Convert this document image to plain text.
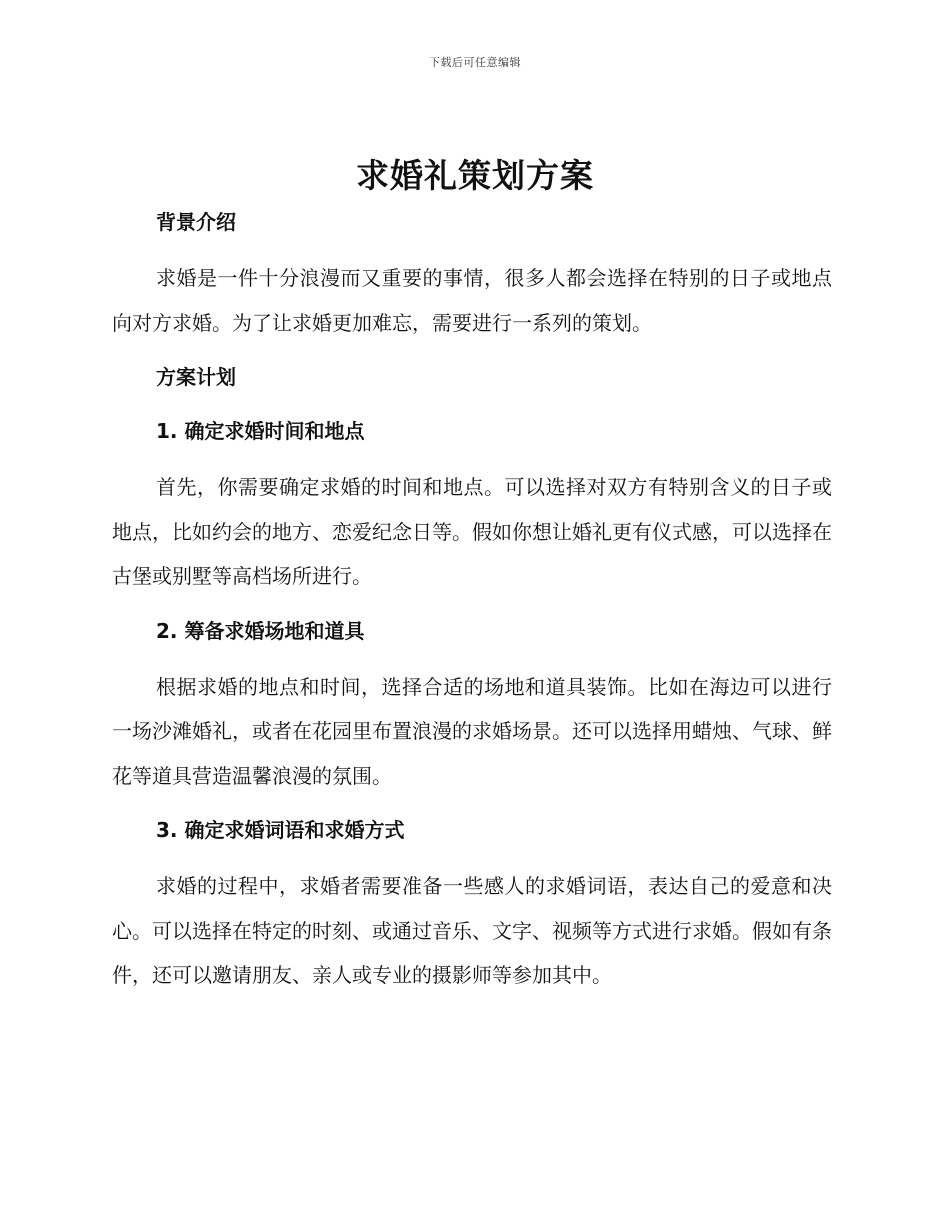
下载后可任意编辑
求婚礼策划方案
背景介绍

求婚是一件十分浪漫而又重要的事情，很多人都会选择在特别的日子或地点向对方求婚。为了让求婚更加难忘，需要进行一系列的策划。

方案计划
1. 确定求婚时间和地点

首先，你需要确定求婚的时间和地点。可以选择对双方有特别含义的日子或地点，比如约会的地方、恋爱纪念日等。假如你想让婚礼更有仪式感，可以选择在古堡或别墅等高档场所进行。

2. 筹备求婚场地和道具

根据求婚的地点和时间，选择合适的场地和道具装饰。比如在海边可以进行一场沙滩婚礼，或者在花园里布置浪漫的求婚场景。还可以选择用蜡烛、气球、鲜花等道具营造温馨浪漫的氛围。

3. 确定求婚词语和求婚方式

求婚的过程中，求婚者需要准备一些感人的求婚词语，表达自己的爱意和决心。可以选择在特定的时刻、或通过音乐、文字、视频等方式进行求婚。假如有条件，还可以邀请朋友、亲人或专业的摄影师等参加其中。
